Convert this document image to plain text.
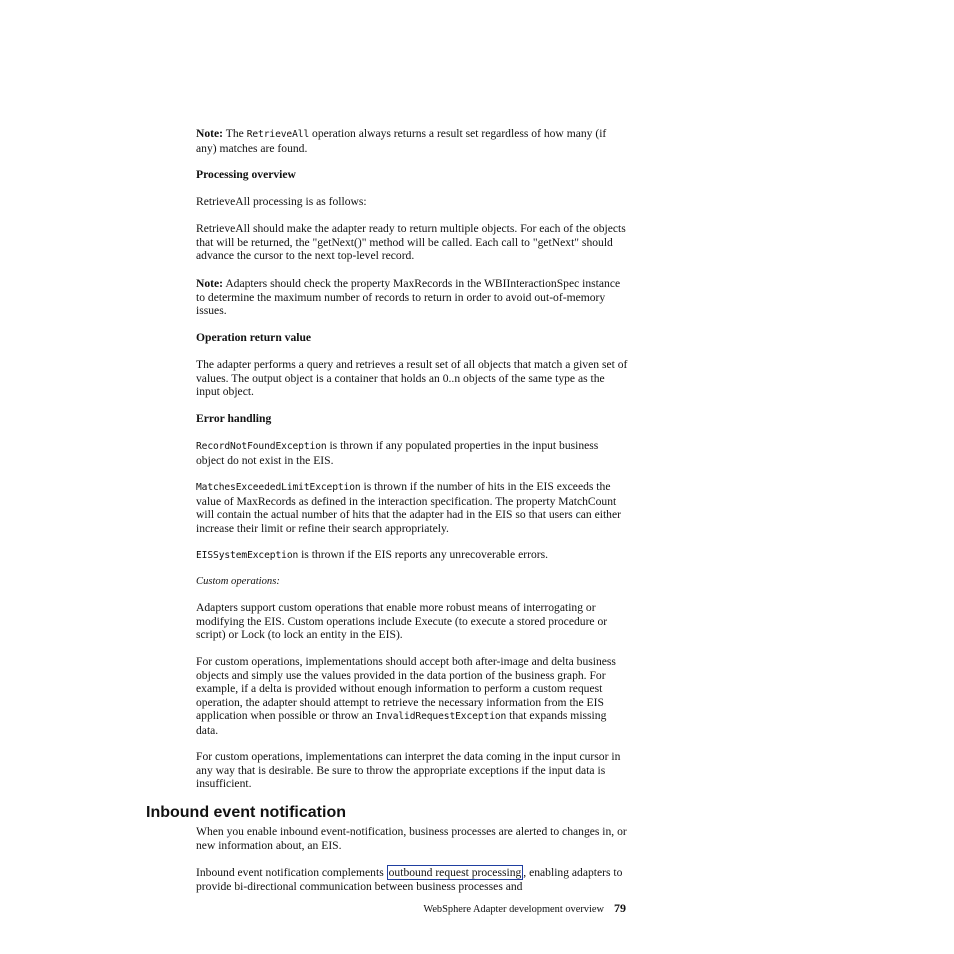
Note: The RetrieveAll operation always returns a result set regardless of how many (if any) matches are found.

Processing overview

RetrieveAll processing is as follows:

RetrieveAll should make the adapter ready to return multiple objects. For each of the objects that will be returned, the "getNext()" method will be called. Each call to "getNext" should advance the cursor to the next top-level record.

Note: Adapters should check the property MaxRecords in the WBIInteractionSpec instance to determine the maximum number of records to return in order to avoid out-of-memory issues.

Operation return value

The adapter performs a query and retrieves a result set of all objects that match a given set of values. The output object is a container that holds an 0..n objects of the same type as the input object.

Error handling

RecordNotFoundException is thrown if any populated properties in the input business object do not exist in the EIS.

MatchesExceededLimitException is thrown if the number of hits in the EIS exceeds the value of MaxRecords as defined in the interaction specification. The property MatchCount will contain the actual number of hits that the adapter had in the EIS so that users can either increase their limit or refine their search appropriately.

EISSystemException is thrown if the EIS reports any unrecoverable errors.

Custom operations:

Adapters support custom operations that enable more robust means of interrogating or modifying the EIS. Custom operations include Execute (to execute a stored procedure or script) or Lock (to lock an entity in the EIS).

For custom operations, implementations should accept both after-image and delta business objects and simply use the values provided in the data portion of the business graph. For example, if a delta is provided without enough information to perform a custom request operation, the adapter should attempt to retrieve the necessary information from the EIS application when possible or throw an InvalidRequestException that expands missing data.

For custom operations, implementations can interpret the data coming in the input cursor in any way that is desirable. Be sure to throw the appropriate exceptions if the input data is insufficient.

Inbound event notification

When you enable inbound event-notification, business processes are alerted to changes in, or new information about, an EIS.

Inbound event notification complements outbound request processing , enabling adapters to provide bi-directional communication between business processes and

WebSphere Adapter development overview 79
